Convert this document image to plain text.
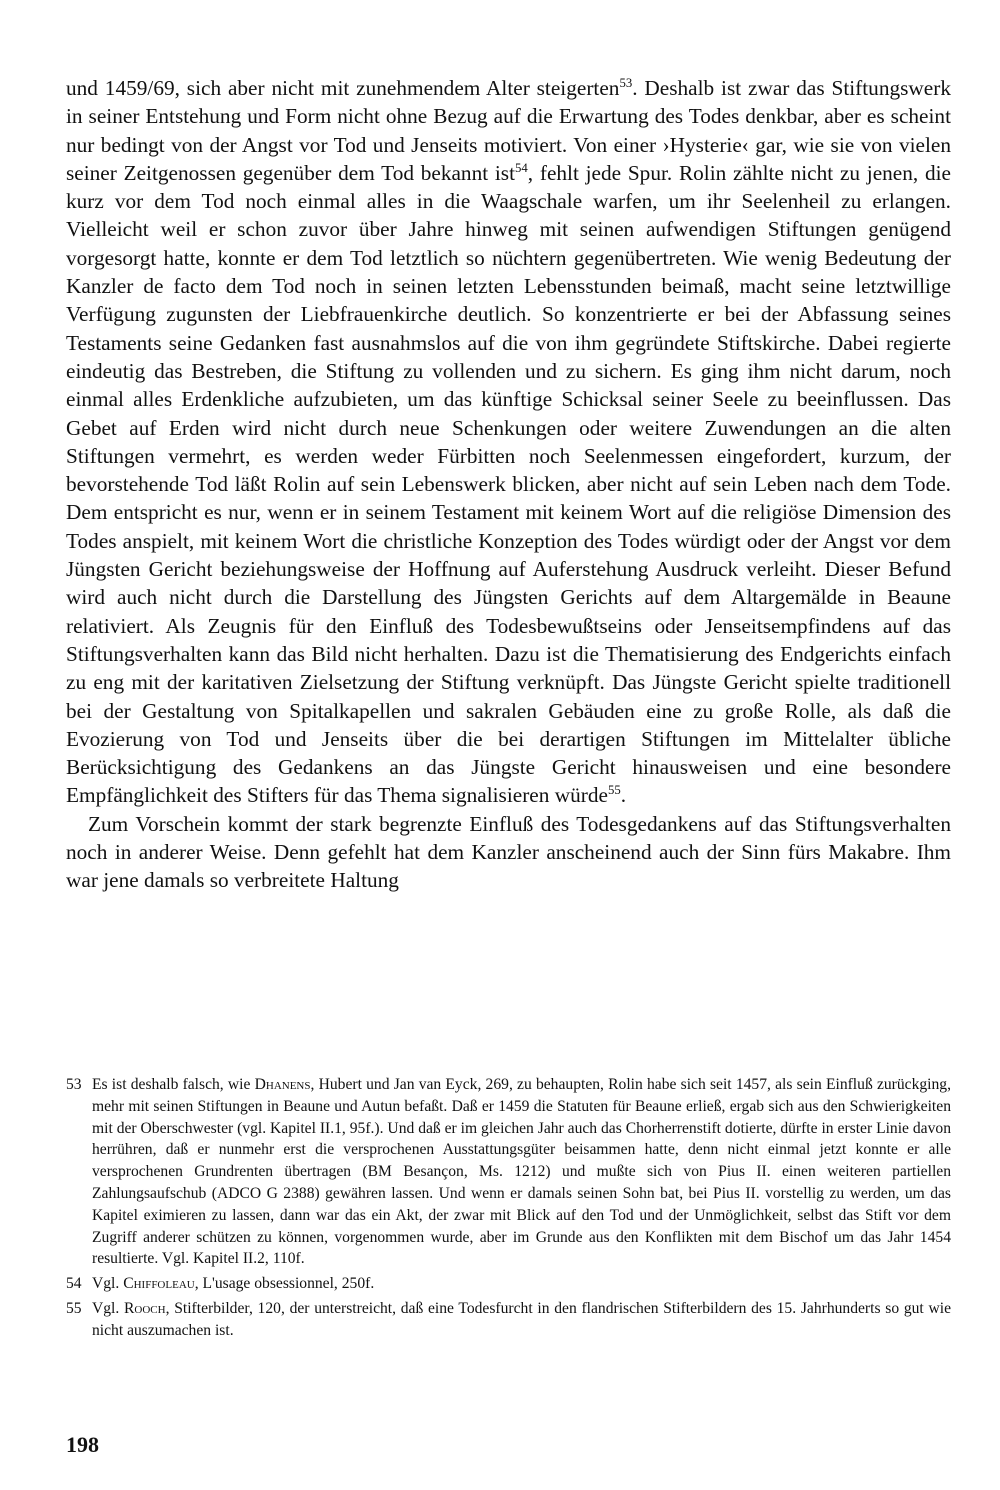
und 1459/69, sich aber nicht mit zunehmendem Alter steigerten$^{53}$. Deshalb ist zwar das Stiftungswerk in seiner Entstehung und Form nicht ohne Bezug auf die Erwartung des Todes denkbar, aber es scheint nur bedingt von der Angst vor Tod und Jenseits motiviert. Von einer ›Hysterie‹ gar, wie sie von vielen seiner Zeitgenossen gegenüber dem Tod bekannt ist$^{54}$, fehlt jede Spur. Rolin zählte nicht zu jenen, die kurz vor dem Tod noch einmal alles in die Waagschale warfen, um ihr Seelenheil zu erlangen. Vielleicht weil er schon zuvor über Jahre hinweg mit seinen aufwendigen Stiftungen genügend vorgesorgt hatte, konnte er dem Tod letztlich so nüchtern gegenübertreten. Wie wenig Bedeutung der Kanzler de facto dem Tod noch in seinen letzten Lebensstunden beimaß, macht seine letztwillige Verfügung zugunsten der Liebfrauenkirche deutlich. So konzentrierte er bei der Abfassung seines Testaments seine Gedanken fast ausnahmslos auf die von ihm gegründete Stiftskirche. Dabei regierte eindeutig das Bestreben, die Stiftung zu vollenden und zu sichern. Es ging ihm nicht darum, noch einmal alles Erdenkliche aufzubieten, um das künftige Schicksal seiner Seele zu beeinflussen. Das Gebet auf Erden wird nicht durch neue Schenkungen oder weitere Zuwendungen an die alten Stiftungen vermehrt, es werden weder Fürbitten noch Seelenmessen eingefordert, kurzum, der bevorstehende Tod läßt Rolin auf sein Lebenswerk blicken, aber nicht auf sein Leben nach dem Tode. Dem entspricht es nur, wenn er in seinem Testament mit keinem Wort auf die religiöse Dimension des Todes anspielt, mit keinem Wort die christliche Konzeption des Todes würdigt oder der Angst vor dem Jüngsten Gericht beziehungsweise der Hoffnung auf Auferstehung Ausdruck verleiht. Dieser Befund wird auch nicht durch die Darstellung des Jüngsten Gerichts auf dem Altargemälde in Beaune relativiert. Als Zeugnis für den Einfluß des Todesbewußtseins oder Jenseitsempfindens auf das Stiftungsverhalten kann das Bild nicht herhalten. Dazu ist die Thematisierung des Endgerichts einfach zu eng mit der karitativen Zielsetzung der Stiftung verknüpft. Das Jüngste Gericht spielte traditionell bei der Gestaltung von Spitalkapellen und sakralen Gebäuden eine zu große Rolle, als daß die Evozierung von Tod und Jenseits über die bei derartigen Stiftungen im Mittelalter übliche Berücksichtigung des Gedankens an das Jüngste Gericht hinausweisen und eine besondere Empfänglichkeit des Stifters für das Thema signalisieren würde$^{55}$.

Zum Vorschein kommt der stark begrenzte Einfluß des Todesgedankens auf das Stiftungsverhalten noch in anderer Weise. Denn gefehlt hat dem Kanzler anscheinend auch der Sinn fürs Makabre. Ihm war jene damals so verbreitete Haltung

53 Es ist deshalb falsch, wie Dhanens, Hubert und Jan van Eyck, 269, zu behaupten, Rolin habe sich seit 1457, als sein Einfluß zurückging, mehr mit seinen Stiftungen in Beaune und Autun befaßt. Daß er 1459 die Statuten für Beaune erließ, ergab sich aus den Schwierigkeiten mit der Oberschwester (vgl. Kapitel II.1, 95f.). Und daß er im gleichen Jahr auch das Chorherrenstift dotierte, dürfte in erster Linie davon herrühren, daß er nunmehr erst die versprochenen Ausstattungsgüter beisammen hatte, denn nicht einmal jetzt konnte er alle versprochenen Grundrenten übertragen (BM Besançon, Ms. 1212) und mußte sich von Pius II. einen weiteren partiellen Zahlungsaufschub (ADCO G 2388) gewähren lassen. Und wenn er damals seinen Sohn bat, bei Pius II. vorstellig zu werden, um das Kapitel eximieren zu lassen, dann war das ein Akt, der zwar mit Blick auf den Tod und der Unmöglichkeit, selbst das Stift vor dem Zugriff anderer schützen zu können, vorgenommen wurde, aber im Grunde aus den Konflikten mit dem Bischof um das Jahr 1454 resultierte. Vgl. Kapitel II.2, 110f.
54 Vgl. Chiffoleau, L'usage obsessionnel, 250f.
55 Vgl. Rooch, Stifterbilder, 120, der unterstreicht, daß eine Todesfurcht in den flandrischen Stifterbildern des 15. Jahrhunderts so gut wie nicht auszumachen ist.
198
